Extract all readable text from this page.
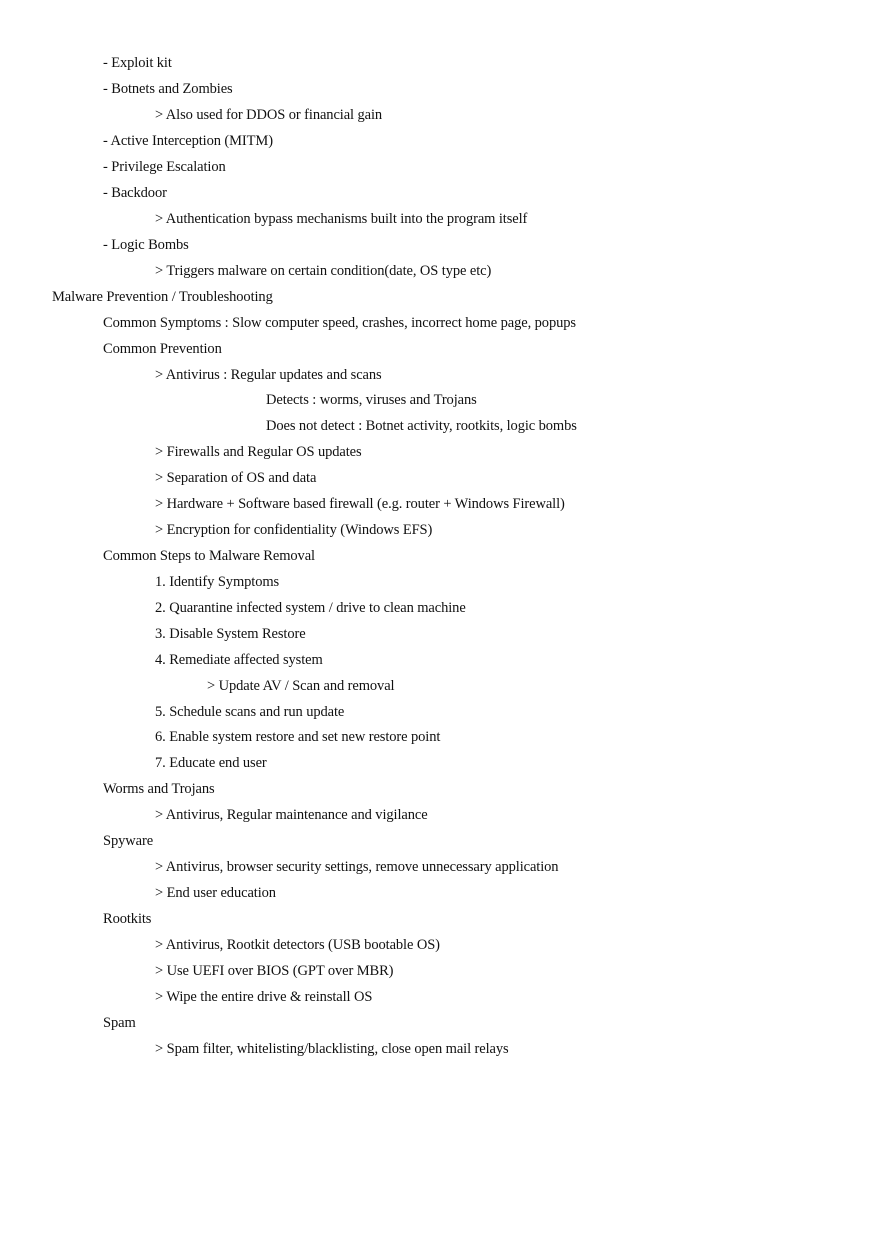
- Exploit kit
- Botnets and Zombies
> Also used for DDOS or financial gain
- Active Interception (MITM)
- Privilege Escalation
- Backdoor
> Authentication bypass mechanisms built into the program itself
- Logic Bombs
> Triggers malware on certain condition(date, OS type etc)
Malware Prevention / Troubleshooting
Common Symptoms : Slow computer speed, crashes, incorrect home page, popups
Common Prevention
> Antivirus : Regular updates and scans
Detects : worms, viruses and Trojans
Does not detect : Botnet activity, rootkits, logic bombs
> Firewalls and Regular OS updates
> Separation of OS and data
> Hardware + Software based firewall (e.g. router + Windows Firewall)
> Encryption for confidentiality (Windows EFS)
Common Steps to Malware Removal
1. Identify Symptoms
2. Quarantine infected system / drive to clean machine
3. Disable System Restore
4. Remediate affected system
> Update AV / Scan and removal
5. Schedule scans and run update
6. Enable system restore and set new restore point
7. Educate end user
Worms and Trojans
> Antivirus, Regular maintenance and vigilance
Spyware
> Antivirus, browser security settings, remove unnecessary application
> End user education
Rootkits
> Antivirus, Rootkit detectors (USB bootable OS)
> Use UEFI over BIOS (GPT over MBR)
> Wipe the entire drive & reinstall OS
Spam
> Spam filter, whitelisting/blacklisting, close open mail relays
